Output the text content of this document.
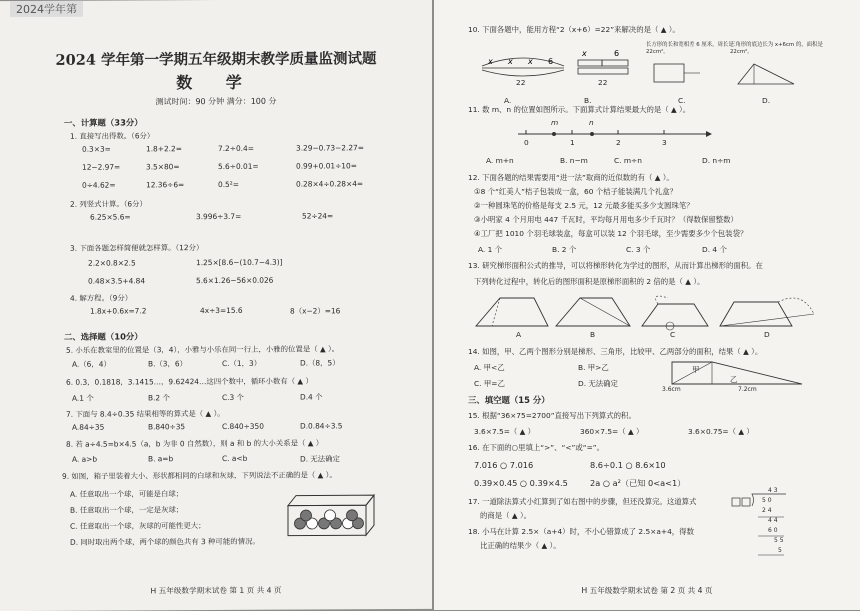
2024学年第
2024 学年第一学期五年级期末教学质量监测试题
数 学
测试时间：90 分钟 满分：100 分
一、计算题（33分）
1. 直接写出得数。（6分）
0.3×3=	1.8+2.2=	7.2÷0.4=	3.29−0.73−2.27=
12−2.97=	3.5×80=	5.6÷0.01=	0.99+0.01÷10=
0÷4.62=	12.36÷6=	0.5²=	0.28×4÷0.28×4=
2. 列竖式计算。（6分）
6.25×5.6=	3.996÷3.7=	52÷24=
3. 下面各题怎样简便就怎样算。（12分）
2.2×0.8×2.5	1.25×[8.6−(10.7−4.3)]
0.48×3.5+4.84	5.6×1.26−56×0.026
4. 解方程。（9分）
1.8x+0.6x=7.2	4x÷3=15.6	8（x−2）=16
二、选择题（10分）
5. 小乐在教室里的位置是（3，4），小雅与小乐在同一行上，小雅的位置是（ ▲ ）。
A.（6，4）	B.（3，6）	C.（1，3）	D.（8，5）
6. 0.3，0.1818，3.1415…，9.62424…这四个数中，循环小数有（ ▲ ）
A.1 个	B.2 个	C.3 个	D.4 个
7. 下面与 8.4÷0.35 结果相等的算式是（ ▲ ）。
A.84÷35	B.840÷35	C.840÷350	D.0.84÷3.5
8. 若 a÷4.5=b×4.5（a，b 为非 0 自然数），则 a 和 b 的大小关系是（ ▲ ）
A. a>b	B. a=b	C. a<b	D. 无法确定
9. 如图，箱子里装着大小、形状都相同的白球和灰球，下列说法不正确的是（ ▲ ）。
A. 任意取出一个球，可能是白球；
B. 任意取出一个球，一定是灰球；
C. 任意取出一个球，灰球的可能性更大；
D. 同时取出两个球，两个球的颜色共有 3 种可能的情况。
H 五年级数学期末试卷 第 1 页 共 4 页
10. 下面各题中，能用方程“2（x+6）=22”来解决的是（ ▲ ）。
x x x 6
22
A.
x	6
22
B.
长方形的长和宽相差 6 厘米，周长是 22cm²。
C.
三角形的底边长为 x+6cm 的，面积是 22cm²。
D.
11. 数 m、n 的位置如图所示。下面算式计算结果最大的是（ ▲ ）。
0	1	2	3
m	n
A. m+n	B. n−m	C. m÷n	D. n÷m
12. 下面各题的结果需要用“进一法”取商的近似数的有（ ▲ ）。
①8 个“红美人”桔子包装成一盒，60 个桔子能装满几个礼盒？
②一种圆珠笔的价格是每支 2.5 元，12 元最多能买多少支圆珠笔？
③小明家 4 个月用电 447 千瓦时，平均每月用电多少千瓦时？（得数保留整数）
④工厂把 1010 个羽毛球装盒，每盒可以装 12 个羽毛球，至少需要多少个包装袋？
A. 1 个	B. 2 个	C. 3 个	D. 4 个
13. 研究梯形面积公式的推导，可以将梯形转化为学过的图形，从而计算出梯形的面积。在
下列转化过程中，转化后的图形面积是原梯形面积的 2 倍的是（ ▲ ）。
A	B	C	D
14. 如图，甲、乙两个图形分别是梯形、三角形，比较甲、乙两部分的面积，结果（ ▲ ）。
A. 甲<乙	B. 甲>乙
C. 甲=乙	D. 无法确定
甲
乙
3.6cm	7.2cm
三、填空题（15 分）
15. 根据“36×75=2700”直接写出下列算式的积。
3.6×7.5=（ ▲ ）	360×7.5=（ ▲ ）	3.6×0.75=（ ▲ ）
16. 在下面的○里填上“>”、“<”或“=”。
7.016 ○ 7.016̇	8.6÷0.1 ○ 8.6×10
0.39×0.45 ○ 0.39×4.5	2a ○ a²（已知 0<a<1）
17. 一道除法算式小红算到了如右图中的步骤，但还没算完。这道算式
的商是（ ▲ ）。
18. 小马在计算 2.5×（a+4）时，不小心错算成了 2.5×a+4，得数
比正确的结果少（ ▲ ）。
4 3
5 0
2 4
4 4
6 0
5 5
5
H 五年级数学期末试卷 第 2 页 共 4 页
